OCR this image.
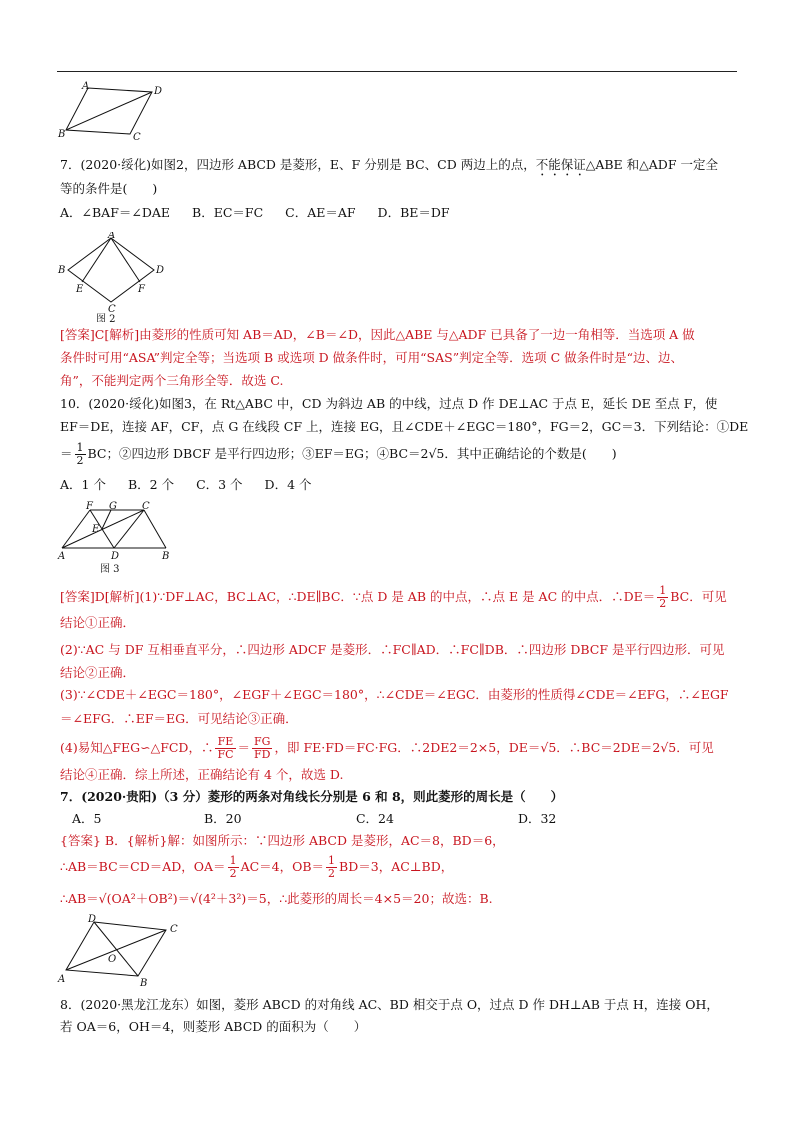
A	D
B	C
7．(2020·绥化)如图2，四边形 ABCD 是菱形，E、F 分别是 BC、CD 两边上的点，不能保证△ABE 和△ADF 一定全
等的条件是(　　)
A．∠BAF＝∠DAE B．EC＝FC C．AE＝AF D．BE＝DF
A
B	D
E	F
C
图 2
[答案]C[解析]由菱形的性质可知 AB＝AD，∠B＝∠D，因此△ABE 与△ADF 已具备了一边一角相等．当选项 A 做
条件时可用“ASA”判定全等；当选项 B 或选项 D 做条件时，可用“SAS”判定全等．选项 C 做条件时是“边、边、
角”，不能判定两个三角形全等．故选 C.
10．(2020·绥化)如图3，在 Rt△ABC 中，CD 为斜边 AB 的中线，过点 D 作 DE⊥AC 于点 E，延长 DE 至点 F，使
EF＝DE，连接 AF，CF，点 G 在线段 CF 上，连接 EG，且∠CDE＋∠EGC＝180°，FG＝2，GC＝3．下列结论：①DE
＝ $\frac{1}{2}$ BC；②四边形 DBCF 是平行四边形；③EF＝EG；④BC＝2√5．其中正确结论的个数是(　　)
A．1 个 B．2 个 C．3 个 D．4 个
F G	C
E
A	D	B
图 3
[答案]D[解析](1)∵DF⊥AC，BC⊥AC，∴DE∥BC．∵点 D 是 AB 的中点，∴点 E 是 AC 的中点．∴DE＝ $\frac{1}{2}$ BC．可见
结论①正确．
(2)∵AC 与 DF 互相垂直平分，∴四边形 ADCF 是菱形．∴FC∥AD．∴FC∥DB．∴四边形 DBCF 是平行四边形．可见
结论②正确．
(3)∵∠CDE＋∠EGC＝180°，∠EGF＋∠EGC＝180°，∴∠CDE＝∠EGC．由菱形的性质得∠CDE＝∠EFG，∴∠EGF
＝∠EFG．∴EF＝EG．可见结论③正确．
(4)易知△FEG∽△FCD，∴ $\frac{FE}{FC} = \frac{FG}{FD}$ ，即 FE·FD＝FC·FG．∴2DE2＝2×5，DE＝√5．∴BC＝2DE＝2√5．可见
结论④正确．综上所述，正确结论有 4 个，故选 D.
7．(2020·贵阳)（3 分）菱形的两条对角线长分别是 6 和 8，则此菱形的周长是（　　）
A．5	B．20	C．24	D．32
{答案} B．{解析}解：如图所示：∵四边形 ABCD 是菱形，AC＝8，BD＝6，
∴AB＝BC＝CD＝AD，$OA= \frac{1}{2} AC=4$，$OB= \frac{1}{2} BD=3$，AC⊥BD，
∴AB＝√(OA²＋OB²)＝√(4²＋3²)＝5，∴此菱形的周长＝4×5＝20；故选：B.
D
C
O
A	B
8．(2020·黑龙江龙东）如图，菱形 ABCD 的对角线 AC、BD 相交于点 O，过点 D 作 DH⊥AB 于点 H，连接 OH，
若 OA＝6，OH＝4，则菱形 ABCD 的面积为（　　）
